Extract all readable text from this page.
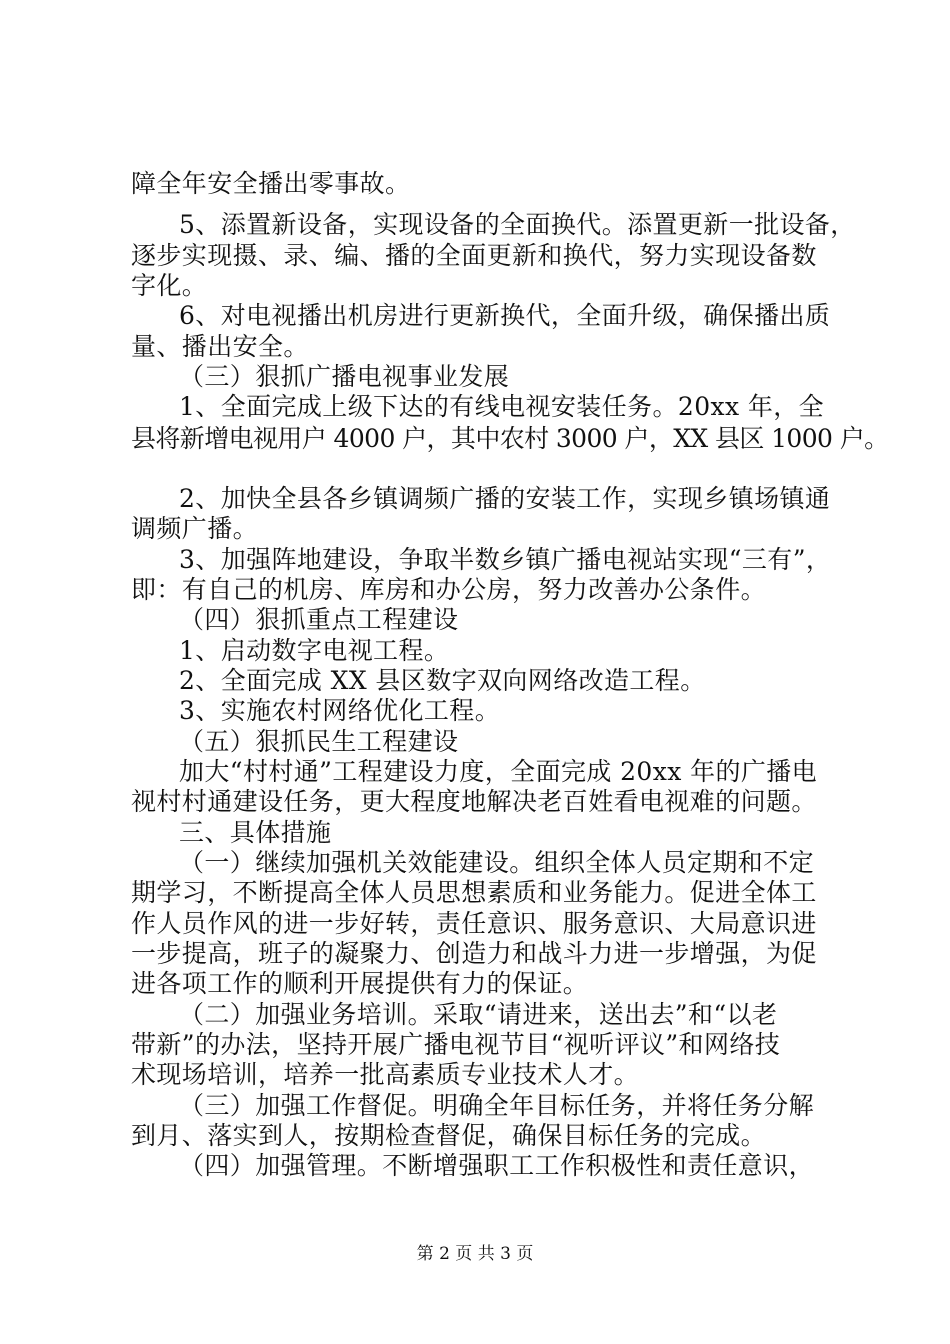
障全年安全播出零事故。
5、添置新设备，实现设备的全面换代。添置更新一批设备，
逐步实现摄、录、编、播的全面更新和换代，努力实现设备数
字化。
6、对电视播出机房进行更新换代，全面升级，确保播出质
量、播出安全。
（三）狠抓广播电视事业发展
1、全面完成上级下达的有线电视安装任务。20xx 年，全
县将新增电视用户 4000 户，其中农村 3000 户，XX 县区 1000 户。
2、加快全县各乡镇调频广播的安装工作，实现乡镇场镇通
调频广播。
3、加强阵地建设，争取半数乡镇广播电视站实现“三有”，
即：有自己的机房、库房和办公房，努力改善办公条件。
（四）狠抓重点工程建设
1、启动数字电视工程。
2、全面完成 XX 县区数字双向网络改造工程。
3、实施农村网络优化工程。
（五）狠抓民生工程建设
加大“村村通”工程建设力度，全面完成 20xx 年的广播电
视村村通建设任务，更大程度地解决老百姓看电视难的问题。
三、具体措施
（一）继续加强机关效能建设。组织全体人员定期和不定
期学习，不断提高全体人员思想素质和业务能力。促进全体工
作人员作风的进一步好转，责任意识、服务意识、大局意识进
一步提高，班子的凝聚力、创造力和战斗力进一步增强，为促
进各项工作的顺利开展提供有力的保证。
（二）加强业务培训。采取“请进来，送出去”和“以老
带新”的办法，坚持开展广播电视节目“视听评议”和网络技
术现场培训，培养一批高素质专业技术人才。
（三）加强工作督促。明确全年目标任务，并将任务分解
到月、落实到人，按期检查督促，确保目标任务的完成。
（四）加强管理。不断增强职工工作积极性和责任意识，
第 2 页 共 3 页
